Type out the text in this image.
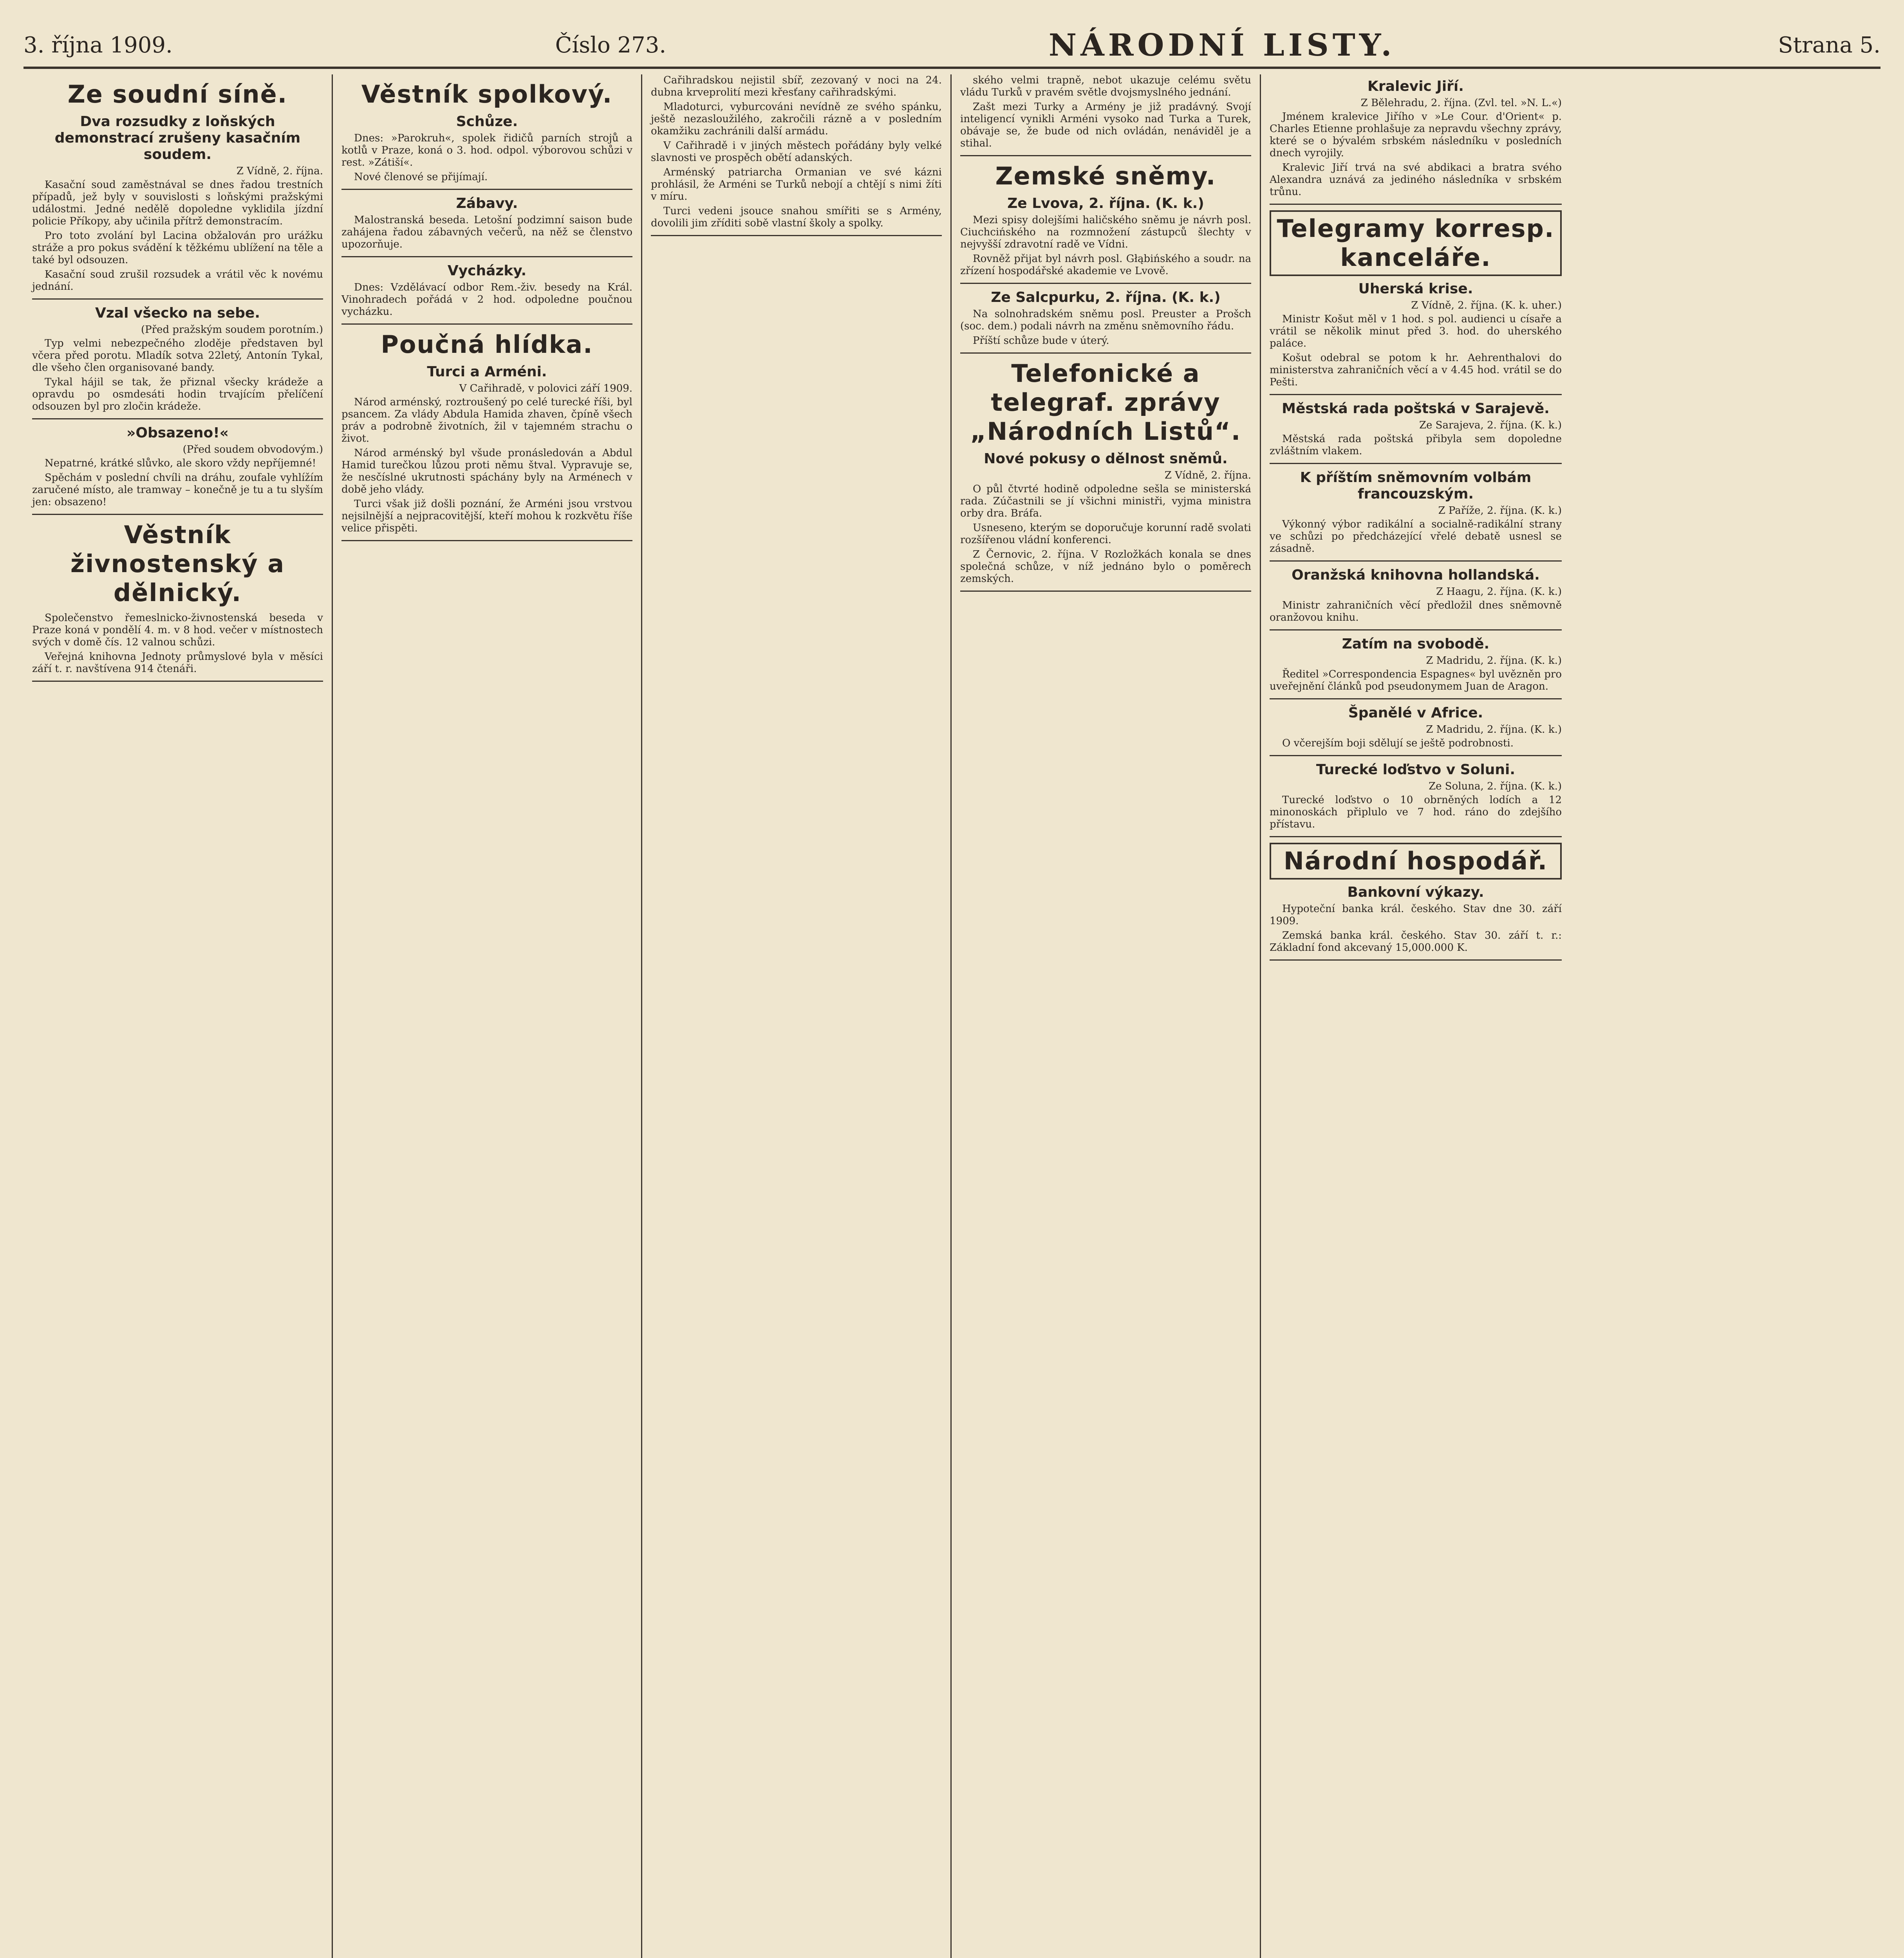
3. října 1909.	Číslo 273.	NÁRODNÍ LISTY.	Strana 5.
Ze soudní síně.
Dva rozsudky z loňských demonstrací zrušeny kasačním soudem.
Z Vídně, 2. října.

Kasační soud zaměstnával se dnes řadou trestních případů, jež byly v souvislosti s loňskými pražskými událostmi. Jedné nedělě dopoledne vyklidila jízdní policie Příkopy, aby učinila přítrž demonstracím.

Pro toto zvolání byl Lacina obžalován pro urážku stráže a pro pokus svádění k těžkému ublížení na těle a také byl odsouzen.

Kasační soud zrušil rozsudek a vrátil věc k novému jednání.

Vzal všecko na sebe.
(Před pražským soudem porotním.)

Typ velmi nebezpečného zloděje představen byl včera před porotu. Mladík sotva 22letý, Antonín Tykal, dle všeho člen organisované bandy.

Tykal hájil se tak, že přiznal všecky krádeže a opravdu po osmdesáti hodin trvajícím přelíčení odsouzen byl pro zločin krádeže.

»Obsazeno!«
(Před soudem obvodovým.)

Nepatrné, krátké slůvko, ale skoro vždy nepříjemné!

Spěchám v poslední chvíli na dráhu, zoufale vyhlížím zaručené místo, ale tramway – konečně je tu a tu slyším jen: obsazeno!

Věstník živnostenský a dělnický.

Společenstvo řemeslnicko-živnostenská beseda v Praze koná v pondělí 4. m. v 8 hod. večer v místnostech svých v domě čís. 12 valnou schůzi.

Veřejná knihovna Jednoty průmyslové byla v měsíci září t. r. navštívena 914 čtenáři.

Věstník spolkový.
Schůze.

Dnes: »Parokruh«, spolek řidičů parních strojů a kotlů v Praze, koná o 3. hod. odpol. výborovou schůzi v rest. »Zátiší«.

Nové členové se přijímají.

Zábavy.

Malostranská beseda. Letošní podzimní saison bude zahájena řadou zábavných večerů, na něž se členstvo upozorňuje.

Vycházky.

Dnes: Vzdělávací odbor Rem.-živ. besedy na Král. Vinohradech pořádá v 2 hod. odpoledne poučnou vycházku.

Poučná hlídka.
Turci a Arméni.
V Cařihradě, v polovici září 1909.

Národ arménský, roztroušený po celé turecké říši, byl psancem. Za vlády Abdula Hamida zhaven, čpíně všech práv a podrobně životních, žil v tajemném strachu o život.

Národ arménský byl všude pronásledován a Abdul Hamid turečkou lůzou proti němu štval. Vypravuje se, že nesčíslné ukrutnosti spáchány byly na Arménech v době jeho vlády.

Turci však již došli poznání, že Arméni jsou vrstvou nejsilnější a nejpracovitější, kteří mohou k rozkvětu říše velice přispěti.

Cařihradskou nejistil sbíř, zezovaný v noci na 24. dubna krveprolití mezi křesťany cařihradskými.

Mladoturci, vyburcováni nevídně ze svého spánku, ještě nezasloužilého, zakročili rázně a v posledním okamžiku zachránili další armádu.

V Cařihradě i v jiných městech pořádány byly velké slavnosti ve prospěch obětí adanských.

Arménský patriarcha Ormanian ve své kázni prohlásil, že Arméni se Turků nebojí a chtějí s nimi žíti v míru.

Turci vedeni jsouce snahou smířiti se s Armény, dovolili jim zříditi sobě vlastní školy a spolky.

ského velmi trapně, nebot ukazuje celému světu vládu Turků v pravém světle dvojsmyslného jednání.

Zašt mezi Turky a Armény je již pradávný. Svojí inteligencí vynikli Arméni vysoko nad Turka a Turek, obávaje se, že bude od nich ovládán, nenáviděl je a stihal.

Zemské sněmy.
Ze Lvova, 2. října. (K. k.)

Mezi spisy dolejšími haličského sněmu je návrh posl. Ciuchcińského na rozmnožení zástupců šlechty v nejvyšší zdravotní radě ve Vídni.

Rovněž přijat byl návrh posl. Głąbińského a soudr. na zřízení hospodářské akademie ve Lvově.

Ze Salcpurku, 2. října. (K. k.)

Na solnohradském sněmu posl. Preuster a Prošch (soc. dem.) podali návrh na změnu sněmovního řádu.

Příští schůze bude v úterý.

Telefonické a telegraf. zprávy „Národních Listů“.
Nové pokusy o dělnost sněmů.
Z Vídně, 2. října.

O půl čtvrté hodině odpoledne sešla se ministerská rada. Zúčastnili se jí všichni ministři, vyjma ministra orby dra. Bráfa.

Usneseno, kterým se doporučuje korunní radě svolati rozšířenou vládní konferenci.

Z Černovic, 2. října. V Rozložkách konala se dnes společná schůze, v níž jednáno bylo o poměrech zemských.

Kralevic Jiří.
Z Bělehradu, 2. října. (Zvl. tel. »N. L.«)

Jménem kralevice Jiřího v »Le Cour. d'Orient« p. Charles Etienne prohlašuje za nepravdu všechny zprávy, které se o bývalém srbském následníku v posledních dnech vyrojily.

Kralevic Jiří trvá na své abdikaci a bratra svého Alexandra uznává za jediného následníka v srbském trůnu.

Telegramy korresp. kanceláře.
Uherská krise.
Z Vídně, 2. října. (K. k. uher.)

Ministr Košut měl v 1 hod. s pol. audienci u císaře a vrátil se několik minut před 3. hod. do uherského paláce.

Košut odebral se potom k hr. Aehrenthalovi do ministerstva zahraničních věcí a v 4.45 hod. vrátil se do Pešti.

Městská rada poštská v Sarajevě.
Ze Sarajeva, 2. října. (K. k.)

Městská rada poštská přibyla sem dopoledne zvláštním vlakem.

K příštím sněmovním volbám francouzským.
Z Paříže, 2. října. (K. k.)

Výkonný výbor radikální a socialně-radikální strany ve schůzi po předcházející vřelé debatě usnesl se zásadně.

Oranžská knihovna hollandská.
Z Haagu, 2. října. (K. k.)

Ministr zahraničních věcí předložil dnes sněmovně oranžovou knihu.

Zatím na svobodě.
Z Madridu, 2. října. (K. k.)

Ředitel »Correspondencia Espagnes« byl uvězněn pro uveřejnění článků pod pseudonymem Juan de Aragon.

Španělé v Africe.
Z Madridu, 2. října. (K. k.)

O včerejším boji sdělují se ještě podrobnosti.

Turecké loďstvo v Soluni.
Ze Soluna, 2. října. (K. k.)

Turecké loďstvo o 10 obrněných lodích a 12 minonoskách připlulo ve 7 hod. ráno do zdejšího přístavu.

Národní hospodář.
Bankovní výkazy.

Hypoteční banka král. českého. Stav dne 30. září 1909.

Zemská banka král. českého. Stav 30. září t. r.: Základní fond akcevaný 15,000.000 K.
